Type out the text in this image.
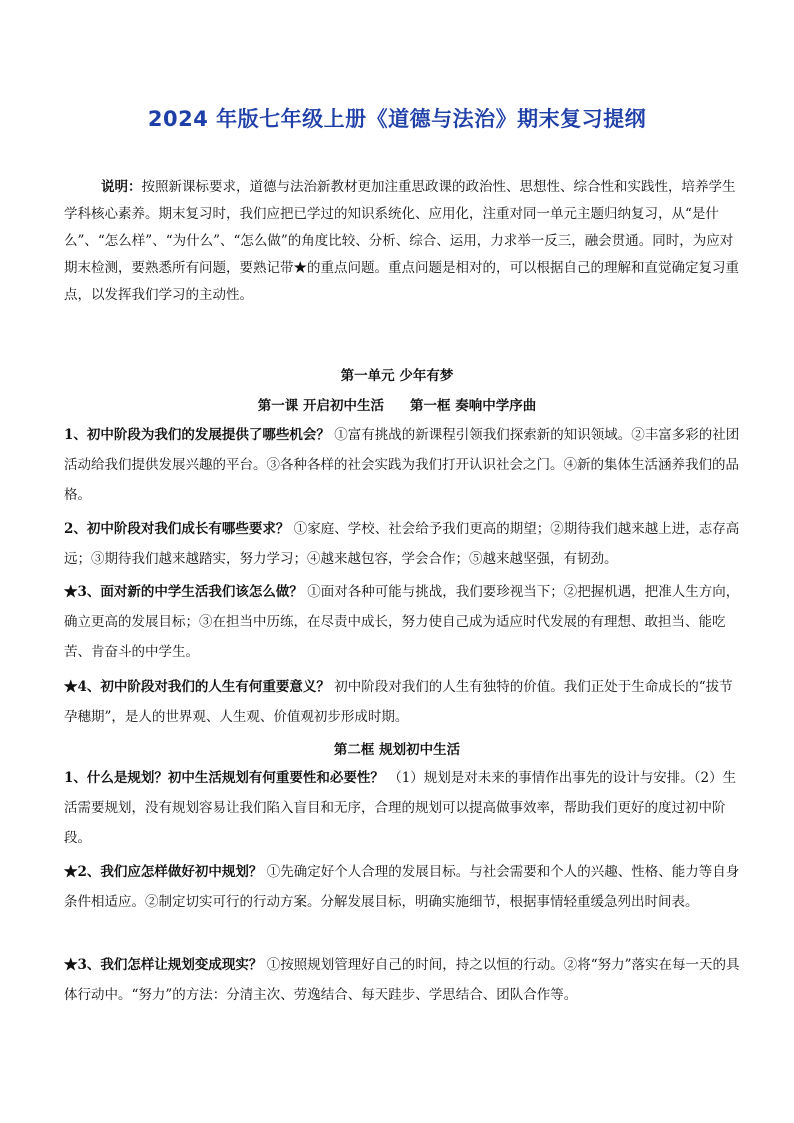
2024 年版七年级上册《道德与法治》期末复习提纲

说明：按照新课标要求，道德与法治新教材更加注重思政课的政治性、思想性、综合性和实践性，培养学生学科核心素养。期末复习时，我们应把已学过的知识系统化、应用化，注重对同一单元主题归纳复习，从“是什么”、“怎么样”、“为什么”、“怎么做”的角度比较、分析、综合、运用，力求举一反三，融会贯通。同时，为应对期末检测，要熟悉所有问题，要熟记带★的重点问题。重点问题是相对的，可以根据自己的理解和直觉确定复习重点，以发挥我们学习的主动性。

第一单元 少年有梦
第一课 开启初中生活 第一框 奏响中学序曲

1、初中阶段为我们的发展提供了哪些机会？ ①富有挑战的新课程引领我们探索新的知识领域。②丰富多彩的社团活动给我们提供发展兴趣的平台。③各种各样的社会实践为我们打开认识社会之门。④新的集体生活涵养我们的品格。

2、初中阶段对我们成长有哪些要求？ ①家庭、学校、社会给予我们更高的期望；②期待我们越来越上进，志存高远；③期待我们越来越踏实，努力学习；④越来越包容，学会合作；⑤越来越坚强，有韧劲。

★3、面对新的中学生活我们该怎么做？ ①面对各种可能与挑战，我们要珍视当下；②把握机遇，把准人生方向，确立更高的发展目标；③在担当中历练，在尽责中成长，努力使自己成为适应时代发展的有理想、敢担当、能吃苦、肯奋斗的中学生。

★4、初中阶段对我们的人生有何重要意义？ 初中阶段对我们的人生有独特的价值。我们正处于生命成长的“拔节孕穗期”，是人的世界观、人生观、价值观初步形成时期。

第二框 规划初中生活

1、什么是规划？初中生活规划有何重要性和必要性？ （1）规划是对未来的事情作出事先的设计与安排。（2）生活需要规划，没有规划容易让我们陷入盲目和无序，合理的规划可以提高做事效率，帮助我们更好的度过初中阶段。

★2、我们应怎样做好初中规划？ ①先确定好个人合理的发展目标。与社会需要和个人的兴趣、性格、能力等自身条件相适应。②制定切实可行的行动方案。分解发展目标，明确实施细节，根据事情轻重缓急列出时间表。

★3、我们怎样让规划变成现实？ ①按照规划管理好自己的时间，持之以恒的行动。②将“努力”落实在每一天的具体行动中。“努力”的方法：分清主次、劳逸结合、每天跬步、学思结合、团队合作等。
